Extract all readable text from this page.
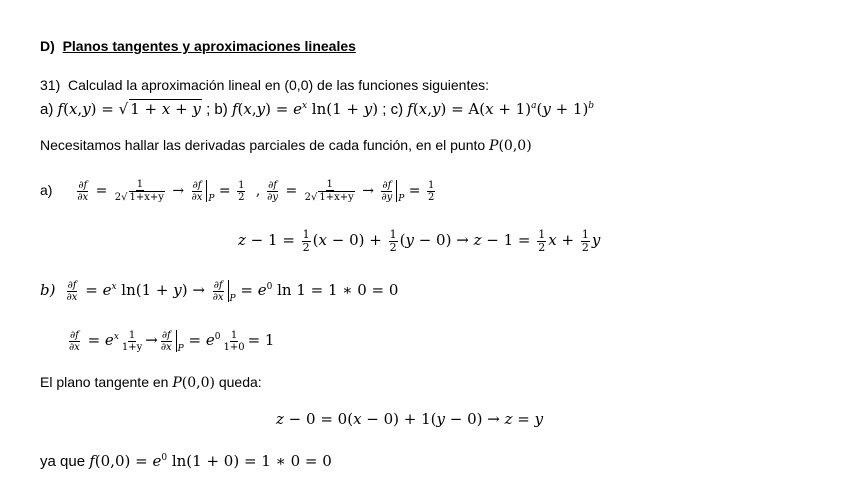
D) Planos tangentes y aproximaciones lineales
31) Calculad la aproximación lineal en (0,0) de las funciones siguientes:
a) f(x,y) = √ 1 + x + y ; b) $f(x,y) = e^x$ ln(1 + y) ; c) $f(x,y) = A(x + 1)^a(y + 1)^b$
Necesitamos hallar las derivadas parciales de cada función, en el punto P(0,0)
$a) \frac{\partial f}{\partial x} = \frac{1}{2√ 1+x+y} \to \frac{\partial f}{\partial x} _P = \frac{1}{2}$ , $\frac{\partial f}{\partial y} = \frac{1}{2√ 1+x+y} \to \frac{\partial f}{\partial y} _P = \frac{1}{2}$
$z - 1 = \frac{1}{2} (x - 0) + \frac{1}{2} (y - 0) \to z - 1 = \frac{1}{2}$ $x + \frac{1}{2}$ y
$b) \frac{\partial f}{\partial x} = e^x$ $\ln(1 + y) \to \frac{\partial f}{\partial x} _P = e^0$ ln 1 = 1 ∗ 0 = 0
$\frac{\partial f}{\partial x} = e^x \frac{1}{1+y} \to \frac{\partial f}{\partial x} _P = e^0 \frac{1}{1+0} = 1$
El plano tangente en P(0,0) queda:
z − 0 = 0(x − 0) + 1(y − 0) → z = y
ya que $f(0,0) = e^0$ ln(1 + 0) = 1 ∗ 0 = 0
